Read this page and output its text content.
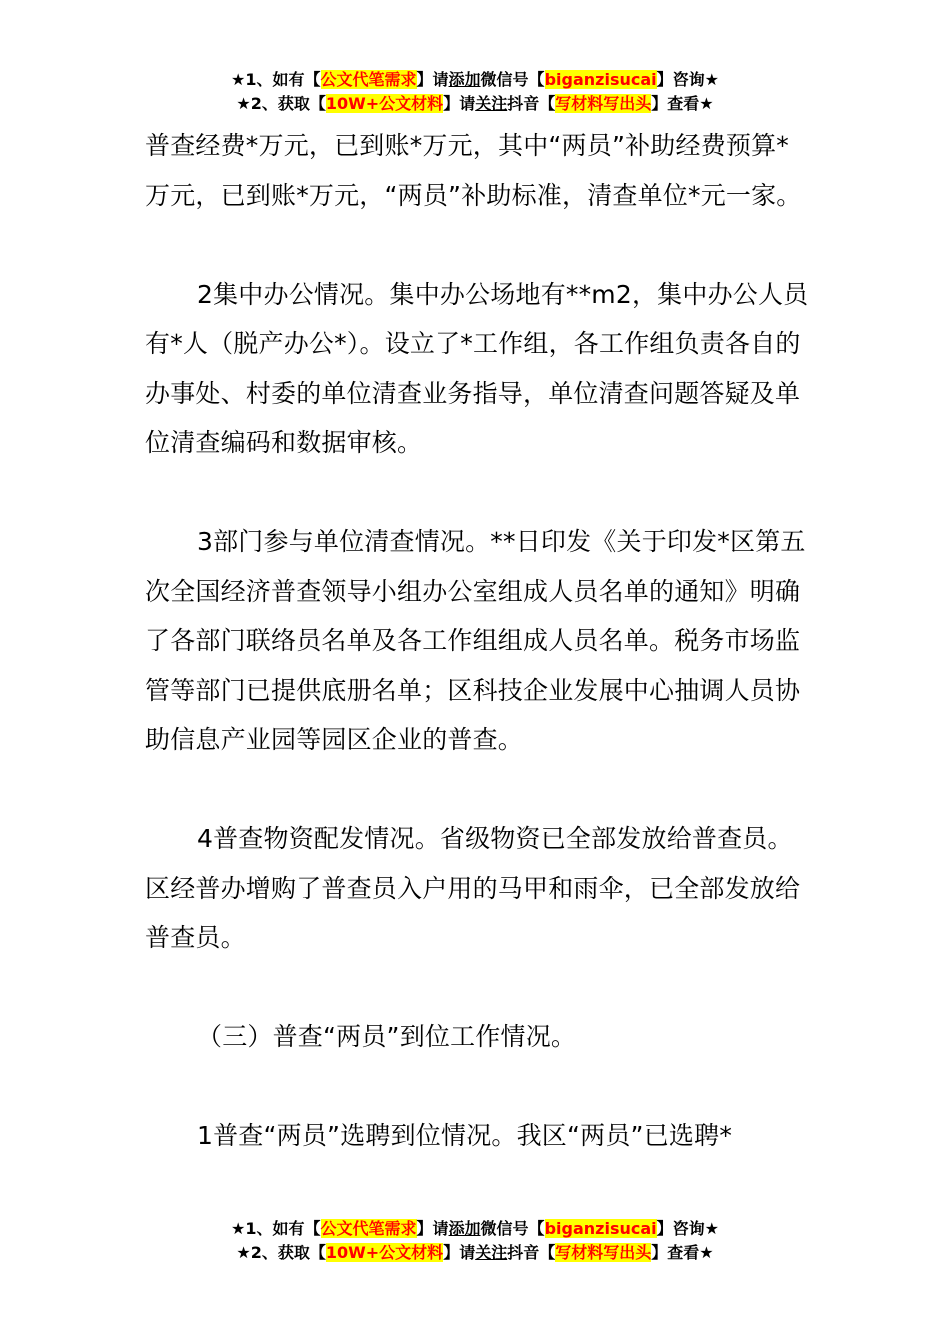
★1、如有【公文代笔需求】请添加微信号【biganzisucai】咨询★
★2、获取【10W+公文材料】请关注抖音【写材料写出头】查看★

普查经费*万元，已到账*万元，其中“两员”补助经费预算*万元，已到账*万元，“两员”补助标准，清查单位*元一家。

2集中办公情况。集中办公场地有**m2，集中办公人员有*人（脱产办公*）。设立了*工作组，各工作组负责各自的办事处、村委的单位清查业务指导，单位清查问题答疑及单位清查编码和数据审核。

3部门参与单位清查情况。**日印发《关于印发*区第五次全国经济普查领导小组办公室组成人员名单的通知》明确了各部门联络员名单及各工作组组成人员名单。税务市场监管等部门已提供底册名单；区科技企业发展中心抽调人员协助信息产业园等园区企业的普查。

4普查物资配发情况。省级物资已全部发放给普查员。区经普办增购了普查员入户用的马甲和雨伞，已全部发放给普查员。

（三）普查“两员”到位工作情况。

1普查“两员”选聘到位情况。我区“两员”已选聘*

★1、如有【公文代笔需求】请添加微信号【biganzisucai】咨询★
★2、获取【10W+公文材料】请关注抖音【写材料写出头】查看★
